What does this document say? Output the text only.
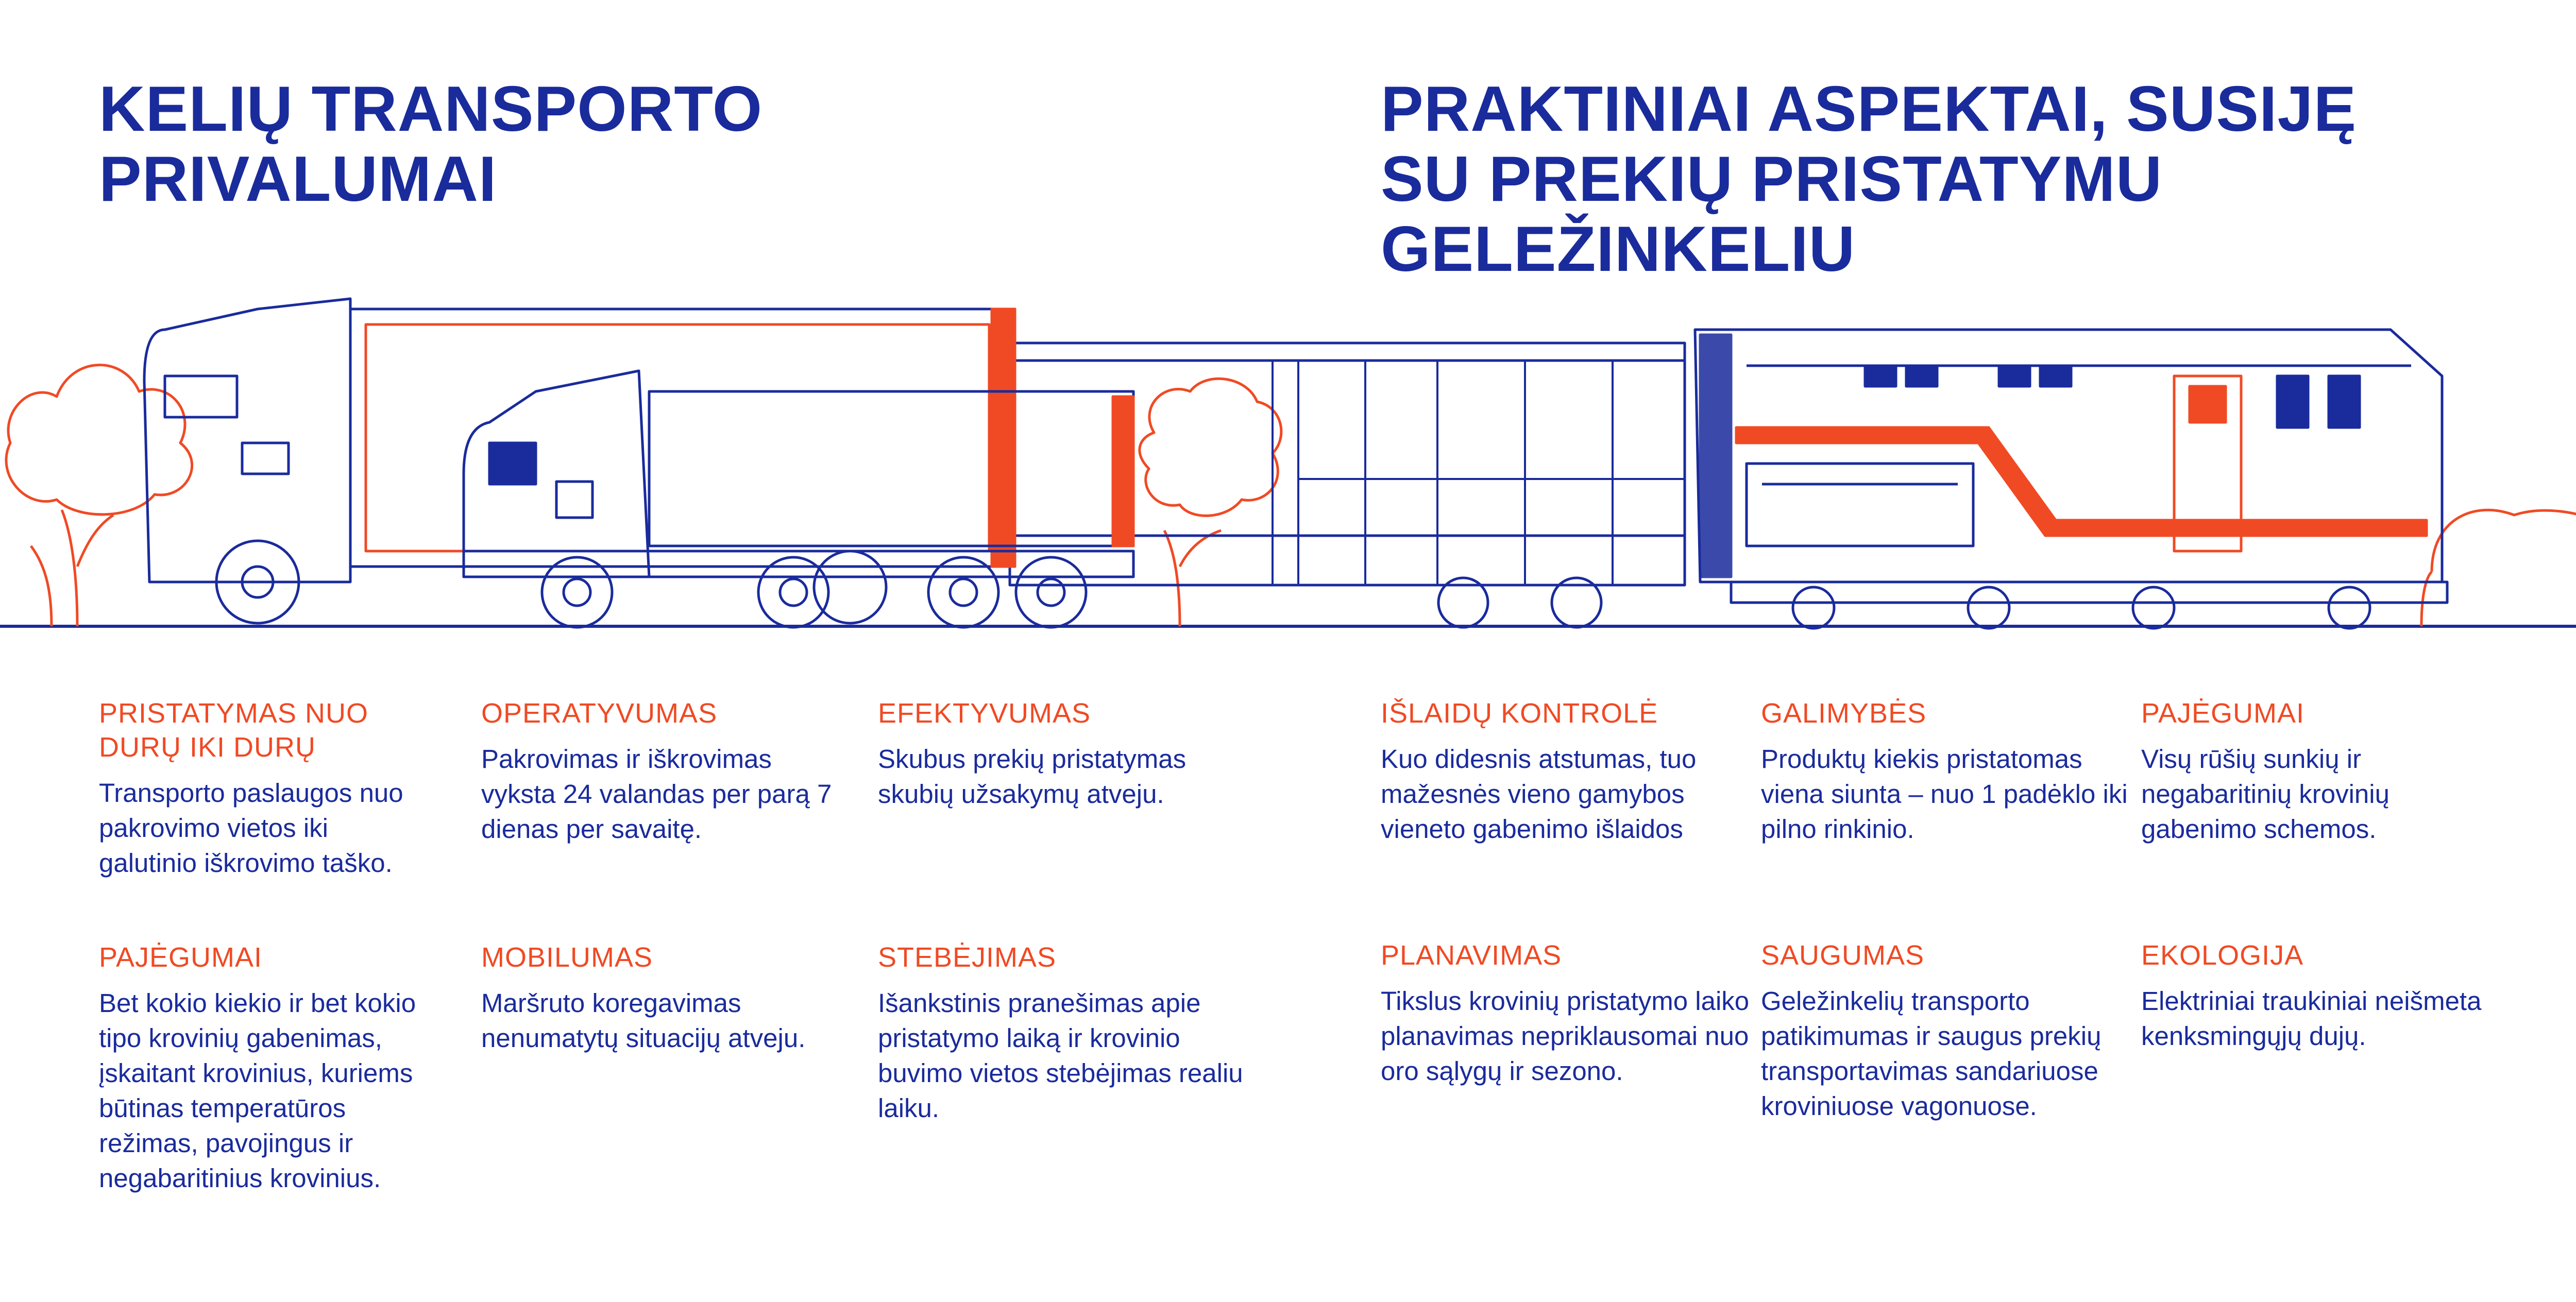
KELIŲ TRANSPORTO
PRIVALUMAI
PRAKTINIAI ASPEKTAI, SUSIJĘ
SU PREKIŲ PRISTATYMU
GELEŽINKELIU
PRISTATYMAS NUO DURŲ IKI DURŲ

Transporto paslaugos nuo pakrovimo vietos iki galutinio iškrovimo taško.

OPERATYVUMAS

Pakrovimas ir iškrovimas vyksta 24 valandas per parą 7 dienas per savaitę.

EFEKTYVUMAS

Skubus prekių pristatymas skubių užsakymų atveju.

PAJĖGUMAI

Bet kokio kiekio ir bet kokio tipo krovinių gabenimas, įskaitant krovinius, kuriems būtinas temperatūros režimas, pavojingus ir negabaritinius krovinius.

MOBILUMAS

Maršruto koregavimas nenumatytų situacijų atveju.

STEBĖJIMAS

Išankstinis pranešimas apie pristatymo laiką ir krovinio buvimo vietos stebėjimas realiu laiku.

IŠLAIDŲ KONTROLĖ

Kuo didesnis atstumas, tuo mažesnės vieno gamybos vieneto gabenimo išlaidos

GALIMYBĖS

Produktų kiekis pristatomas viena siunta – nuo 1 padėklo iki pilno rinkinio.

PAJĖGUMAI

Visų rūšių sunkių ir negabaritinių krovinių gabenimo schemos.

PLANAVIMAS

Tikslus krovinių pristatymo laiko planavimas nepriklausomai nuo oro sąlygų ir sezono.

SAUGUMAS

Geležinkelių transporto patikimumas ir saugus prekių transportavimas sandariuose kroviniuose vagonuose.

EKOLOGIJA

Elektriniai traukiniai neišmeta kenksmingųjų dujų.
